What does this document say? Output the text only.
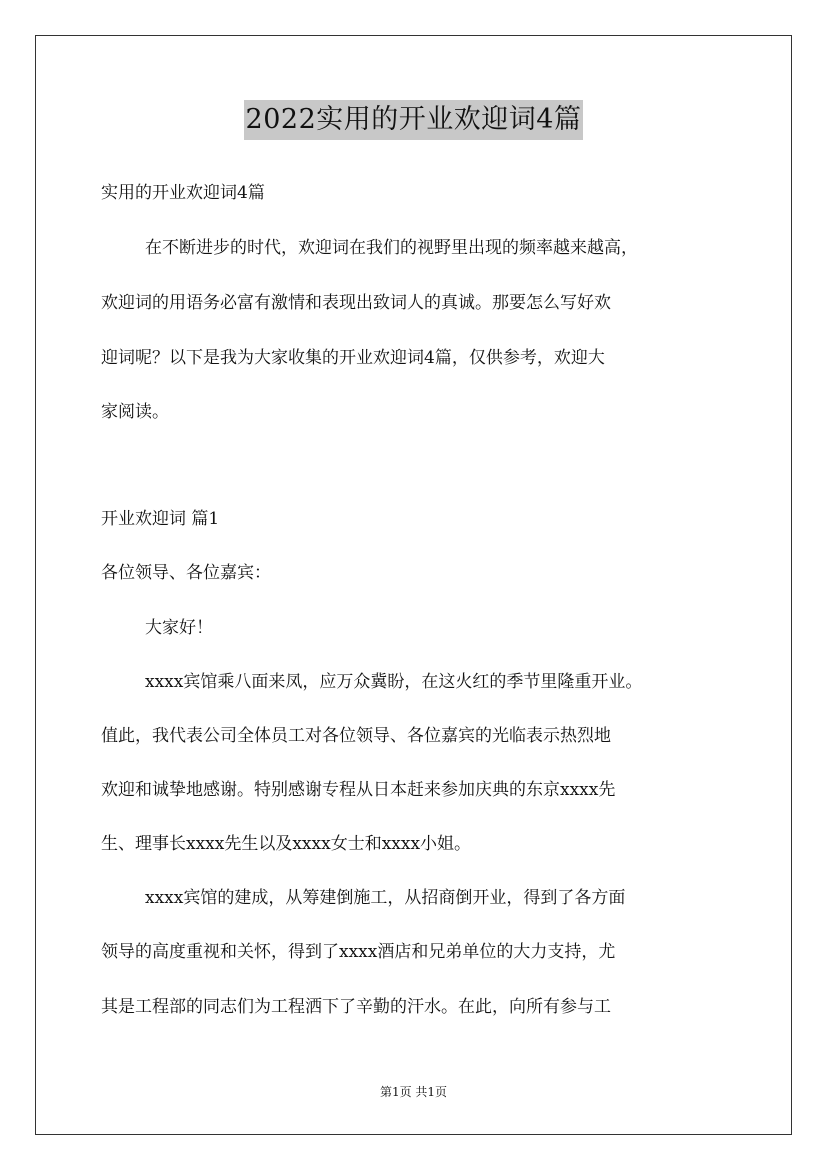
2022实用的开业欢迎词4篇

实用的开业欢迎词4篇

在不断进步的时代，欢迎词在我们的视野里出现的频率越来越高，

欢迎词的用语务必富有激情和表现出致词人的真诚。那要怎么写好欢

迎词呢？以下是我为大家收集的开业欢迎词4篇，仅供参考，欢迎大

家阅读。

开业欢迎词 篇1

各位领导、各位嘉宾：

大家好！

xxxx宾馆乘八面来凤，应万众冀盼，在这火红的季节里隆重开业。

值此，我代表公司全体员工对各位领导、各位嘉宾的光临表示热烈地

欢迎和诚挚地感谢。特别感谢专程从日本赶来参加庆典的东京xxxx先

生、理事长xxxx先生以及xxxx女士和xxxx小姐。

xxxx宾馆的建成，从筹建倒施工，从招商倒开业，得到了各方面

领导的高度重视和关怀，得到了xxxx酒店和兄弟单位的大力支持，尤

其是工程部的同志们为工程洒下了辛勤的汗水。在此，向所有参与工

第1页 共1页
